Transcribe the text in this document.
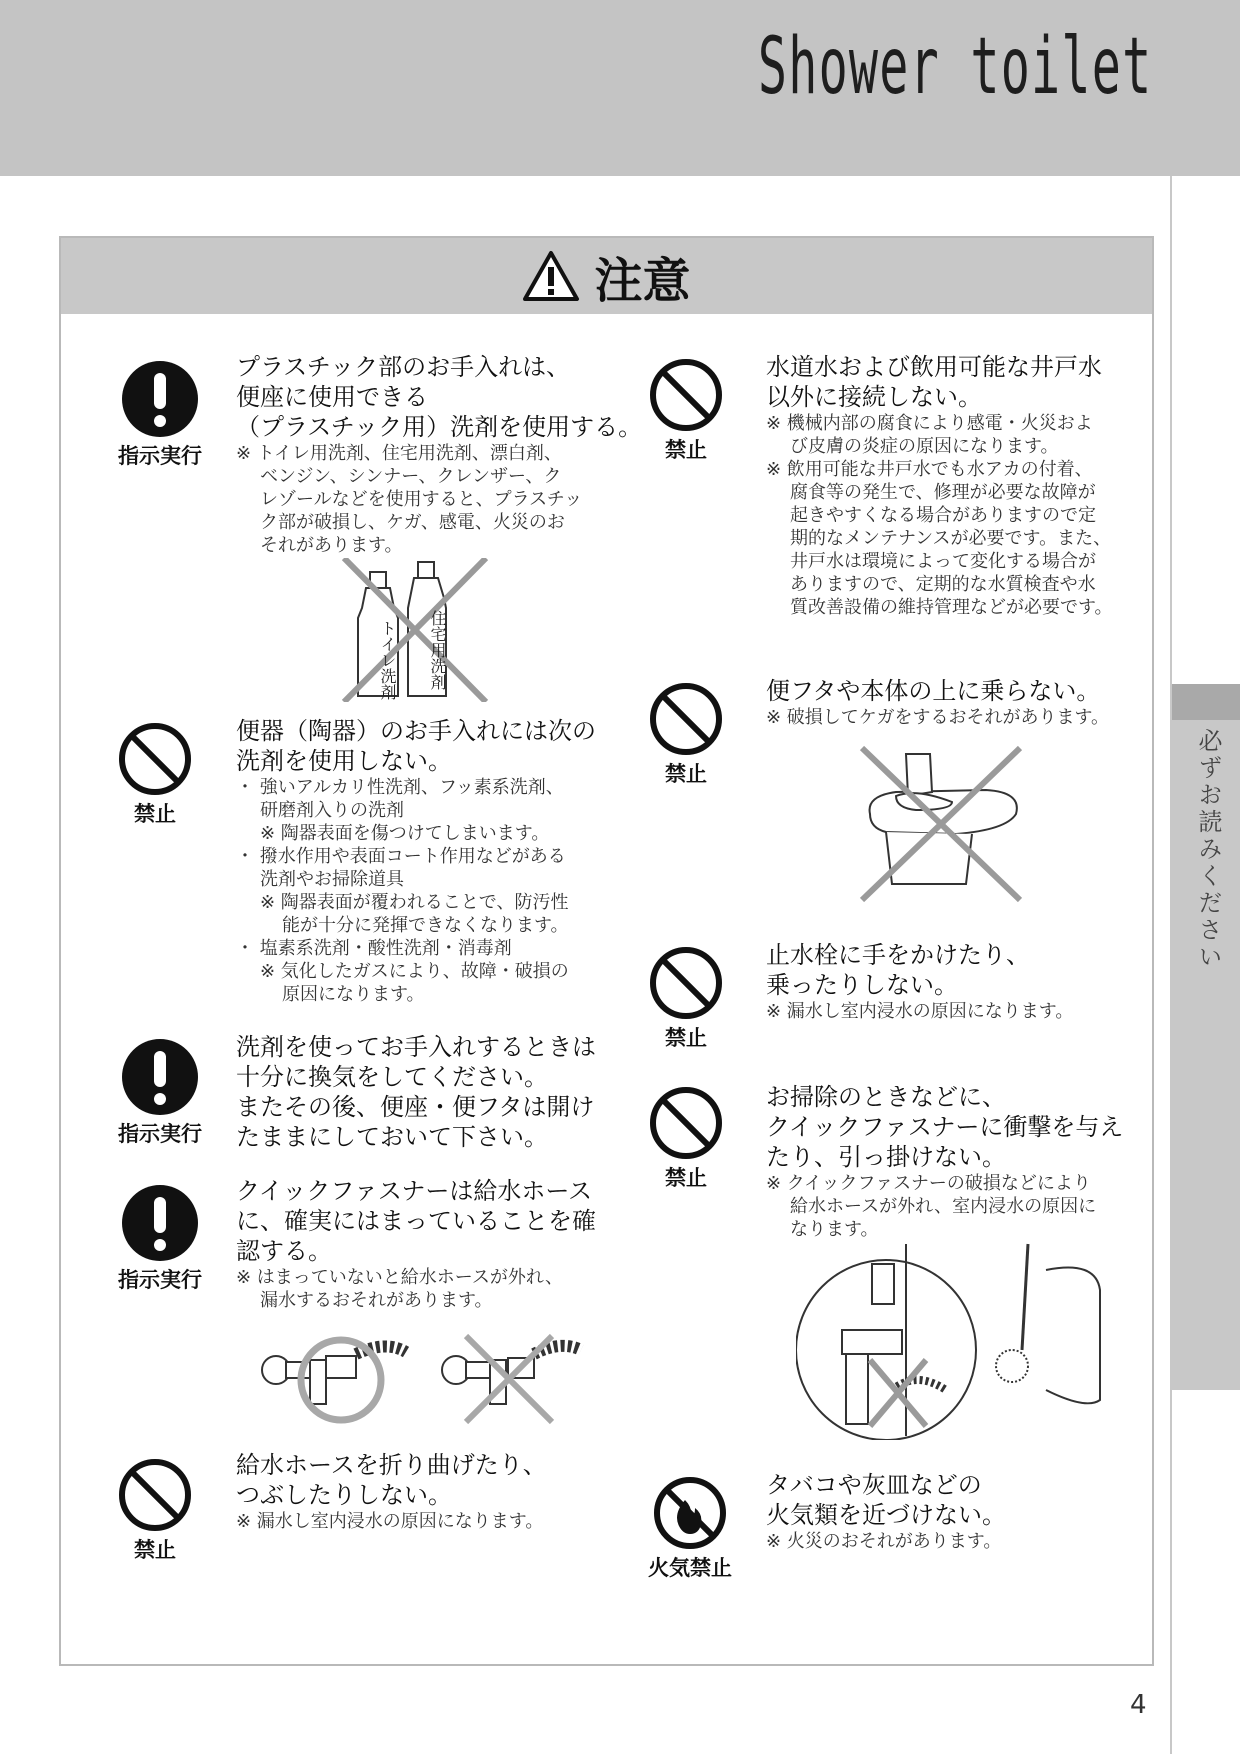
Shower toilet
必ずお読みください
注意
指示実行
プラスチック部のお手入れは、
便座に使用できる
（プラスチック用）洗剤を使用する。
※ トイレ用洗剤、住宅用洗剤、漂白剤、
ベンジン、シンナー、クレンザー、ク
レゾールなどを使用すると、プラスチッ
ク部が破損し、ケガ、感電、火災のお
それがあります。
トイレ洗剤	住宅用洗剤
禁止
便器（陶器）のお手入れには次の
洗剤を使用しない。
・ 強いアルカリ性洗剤、フッ素系洗剤、
研磨剤入りの洗剤
※ 陶器表面を傷つけてしまいます。
・ 撥水作用や表面コート作用などがある
洗剤やお掃除道具
※ 陶器表面が覆われることで、防汚性
能が十分に発揮できなくなります。
・ 塩素系洗剤・酸性洗剤・消毒剤
※ 気化したガスにより、故障・破損の
原因になります。
指示実行
洗剤を使ってお手入れするときは
十分に換気をしてください。
またその後、便座・便フタは開け
たままにしておいて下さい。
指示実行
クイックファスナーは給水ホース
に、確実にはまっていることを確
認する。
※ はまっていないと給水ホースが外れ、
漏水するおそれがあります。
禁止
給水ホースを折り曲げたり、
つぶしたりしない。
※ 漏水し室内浸水の原因になります。
禁止
水道水および飲用可能な井戸水
以外に接続しない。
※ 機械内部の腐食により感電・火災およ
び皮膚の炎症の原因になります。
※ 飲用可能な井戸水でも水アカの付着、
腐食等の発生で、修理が必要な故障が
起きやすくなる場合がありますので定
期的なメンテナンスが必要です。また、
井戸水は環境によって変化する場合が
ありますので、定期的な水質検査や水
質改善設備の維持管理などが必要です。
禁止
便フタや本体の上に乗らない。
※ 破損してケガをするおそれがあります。
禁止
止水栓に手をかけたり、
乗ったりしない。
※ 漏水し室内浸水の原因になります。
禁止
お掃除のときなどに、
クイックファスナーに衝撃を与え
たり、引っ掛けない。
※ クイックファスナーの破損などにより
給水ホースが外れ、室内浸水の原因に
なります。
火気禁止
タバコや灰皿などの
火気類を近づけない。
※ 火災のおそれがあります。
4
